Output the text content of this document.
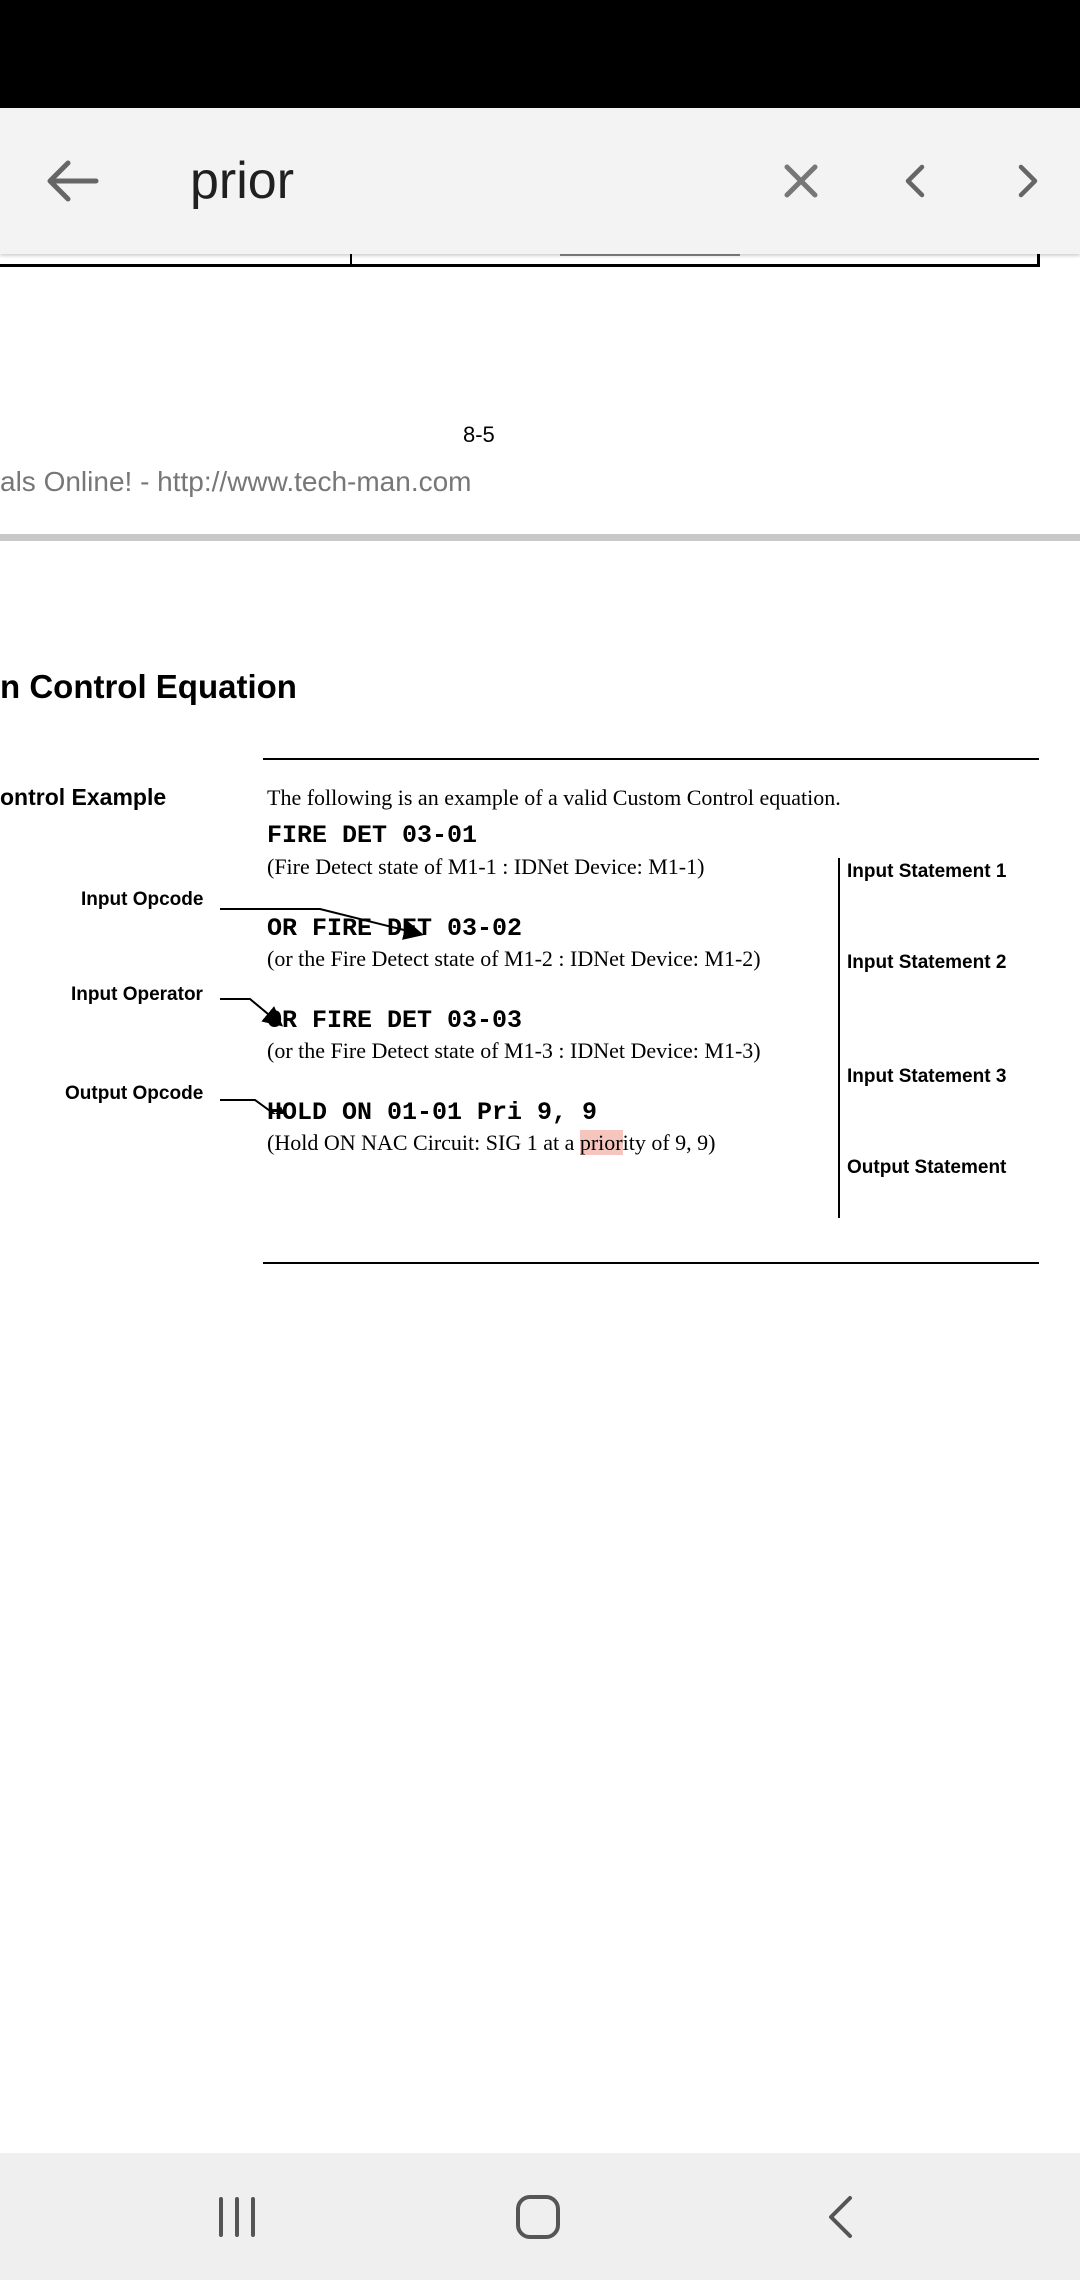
prior
8-5
als Online! - http://www.tech-man.com
n Control Equation
ontrol Example	The following is an example of a valid Custom Control equation.
Input Opcode
Input Operator
Output Opcode
FIRE DET 03-01
(Fire Detect state of M1-1 : IDNet Device: M1-1)
OR FIRE DET 03-02
(or the Fire Detect state of M1-2 : IDNet Device: M1-2)
OR FIRE DET 03-03
(or the Fire Detect state of M1-3 : IDNet Device: M1-3)
HOLD ON 01-01 Pri 9, 9
(Hold ON NAC Circuit: SIG 1 at a priority of 9, 9)
Input Statement 1
Input Statement 2
Input Statement 3
Output Statement
